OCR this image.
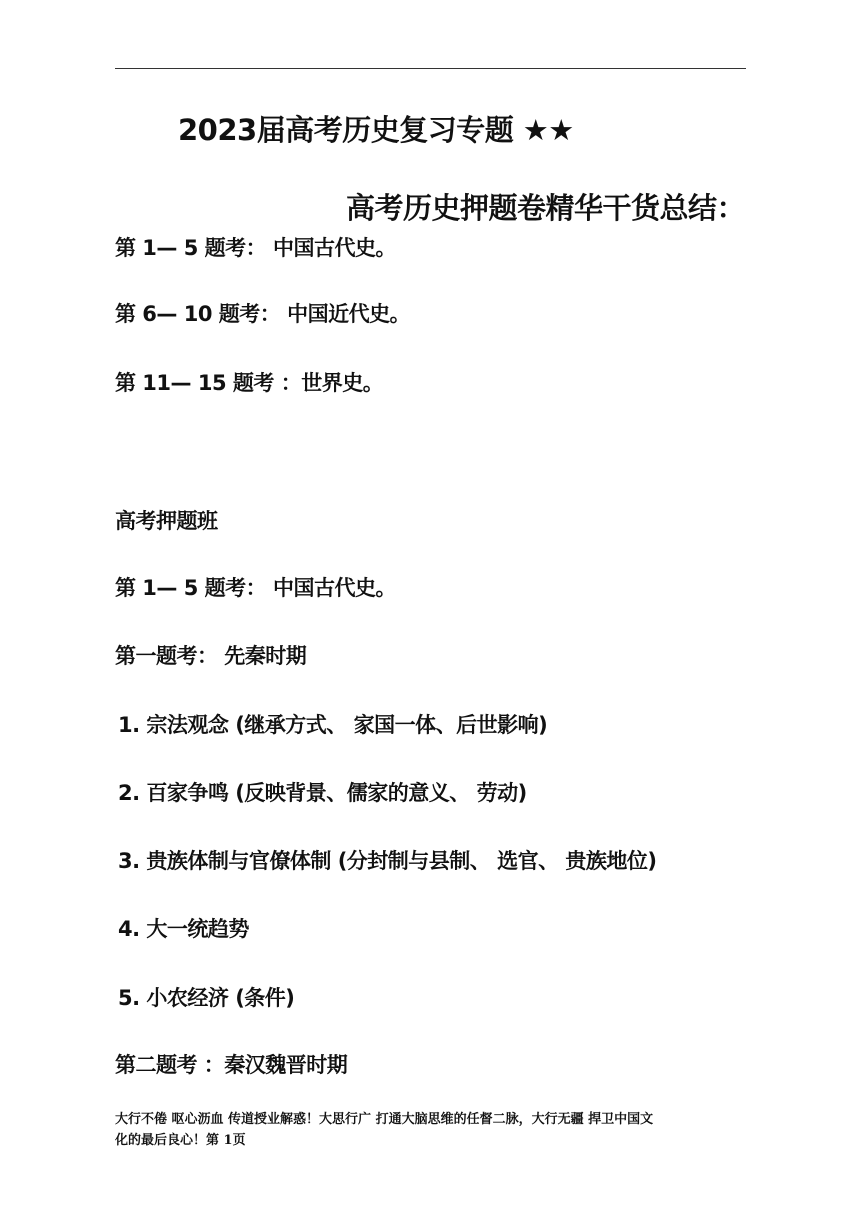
2023届高考历史复习专题 ★★
高考历史押题卷精华干货总结：
第 1— 5 题考： 中国古代史。
第 6— 10 题考： 中国近代史。
第 11— 15 题考 ：世界史。
高考押题班
第 1— 5 题考： 中国古代史。
第一题考： 先秦时期
1. 宗法观念 (继承方式、 家国一体、后世影响)
2. 百家争鸣 (反映背景、儒家的意义、 劳动)
3. 贵族体制与官僚体制 (分封制与县制、 选官、 贵族地位)
4. 大一统趋势
5. 小农经济 (条件)
第二题考 ：秦汉魏晋时期
大行不倦 呕心沥血 传道授业解惑！大思行广 打通大脑思维的任督二脉，大行无疆 捍卫中国文
化的最后良心！第 1页
